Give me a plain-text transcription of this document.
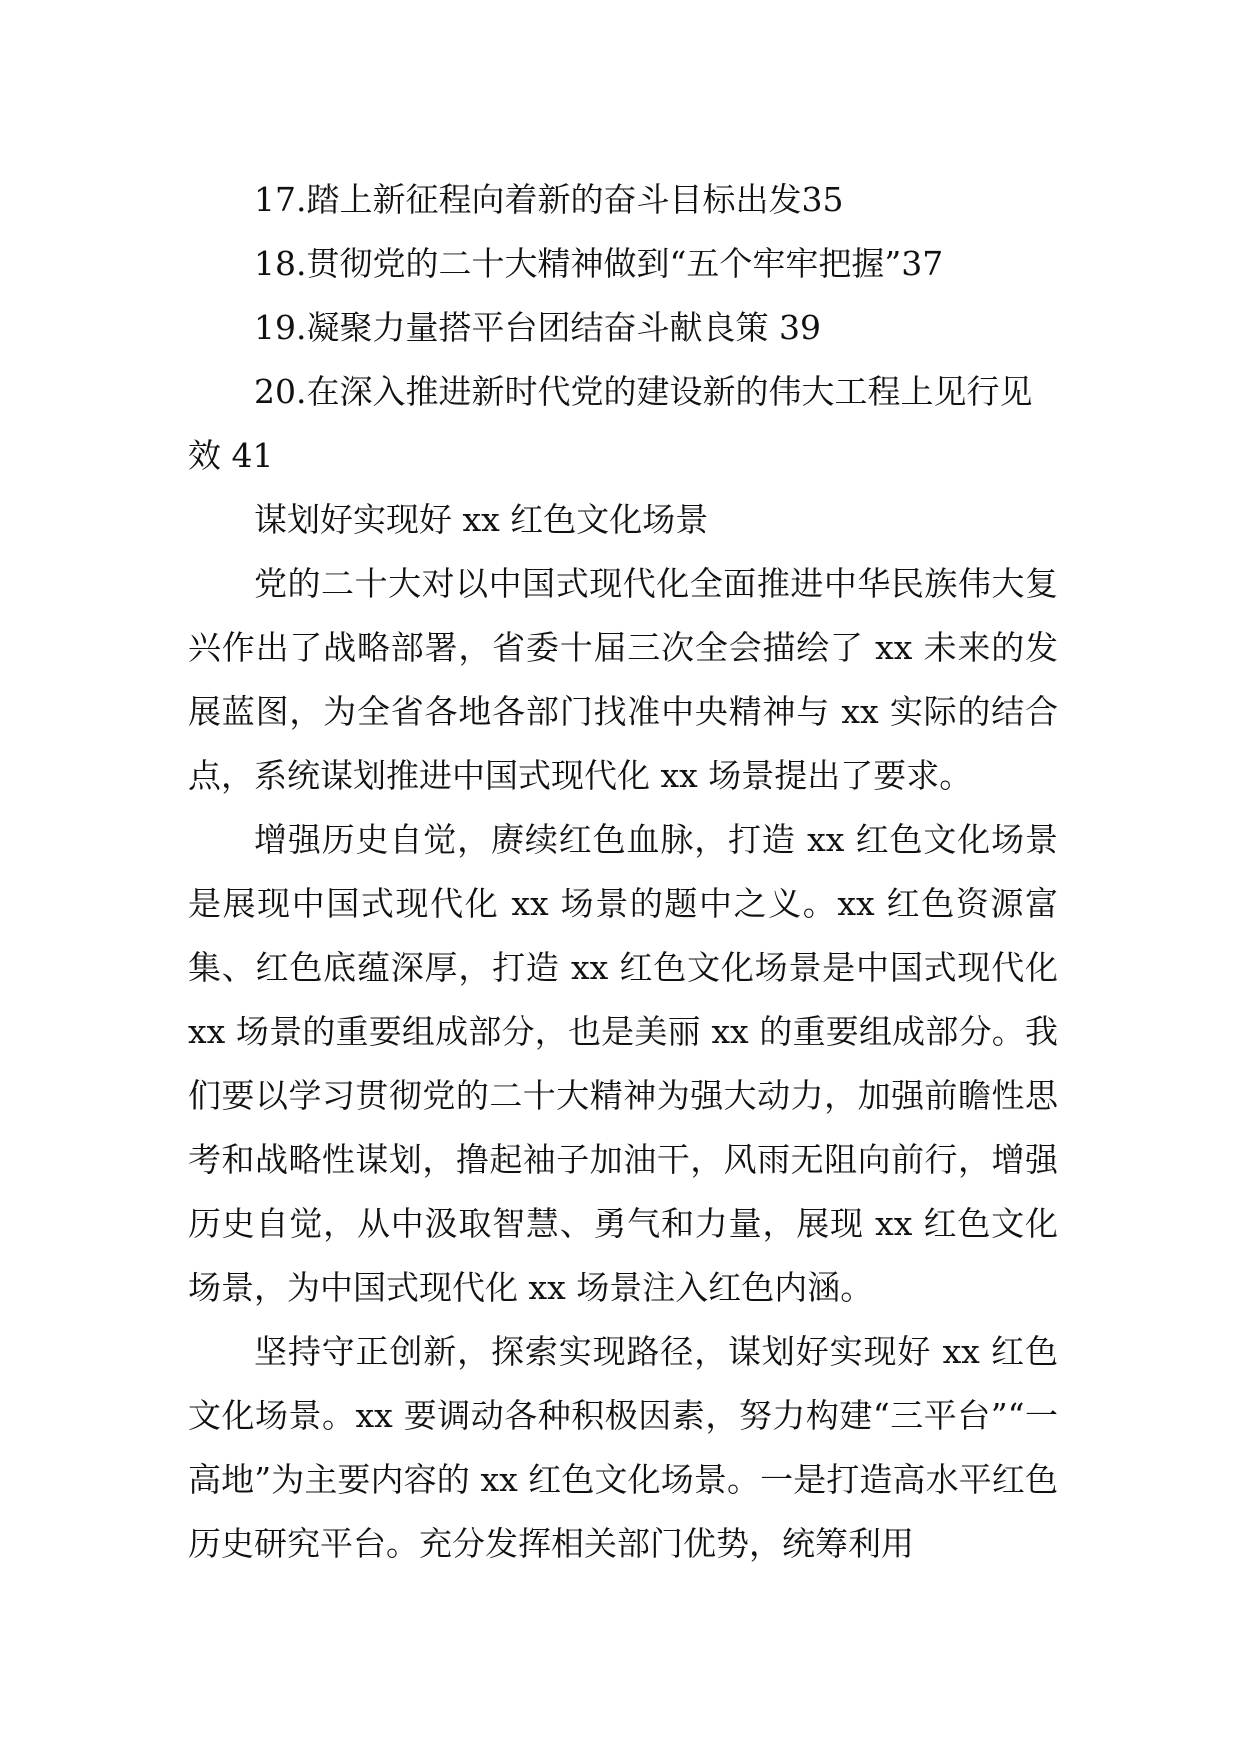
17.踏上新征程向着新的奋斗目标出发35

18.贯彻党的二十大精神做到“五个牢牢把握”37

19.凝聚力量搭平台团结奋斗献良策 39

20.在深入推进新时代党的建设新的伟大工程上见行见

效 41

谋划好实现好 xx 红色文化场景

党的二十大对以中国式现代化全面推进中华民族伟大复兴作出了战略部署，省委十届三次全会描绘了 xx 未来的发展蓝图，为全省各地各部门找准中央精神与 xx 实际的结合点，系统谋划推进中国式现代化 xx 场景提出了要求。

增强历史自觉，赓续红色血脉，打造 xx 红色文化场景是展现中国式现代化 xx 场景的题中之义。xx 红色资源富集、红色底蕴深厚，打造 xx 红色文化场景是中国式现代化 xx 场景的重要组成部分，也是美丽 xx 的重要组成部分。我们要以学习贯彻党的二十大精神为强大动力，加强前瞻性思考和战略性谋划，撸起袖子加油干，风雨无阻向前行，增强历史自觉，从中汲取智慧、勇气和力量，展现 xx 红色文化场景，为中国式现代化 xx 场景注入红色内涵。

坚持守正创新，探索实现路径，谋划好实现好 xx 红色文化场景。xx 要调动各种积极因素，努力构建“三平台”“一高地”为主要内容的 xx 红色文化场景。一是打造高水平红色历史研究平台。充分发挥相关部门优势，统筹利用
